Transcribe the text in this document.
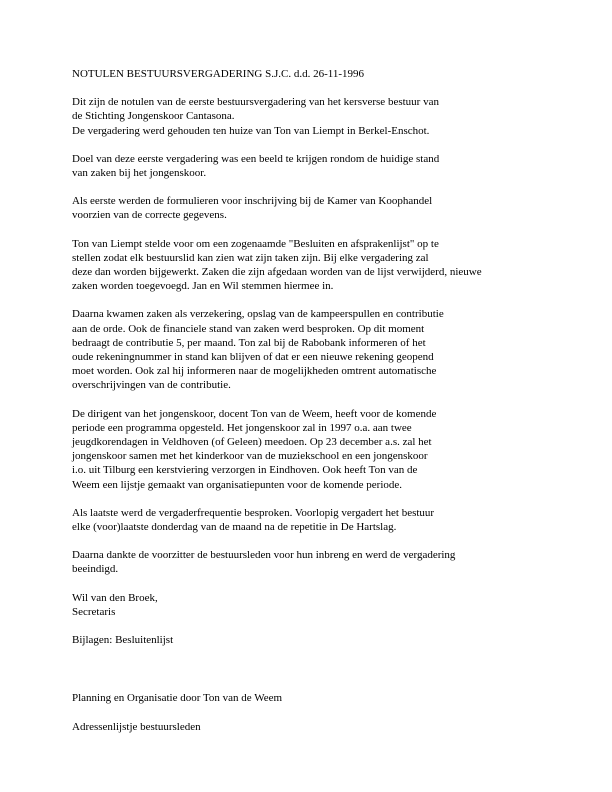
NOTULEN BESTUURSVERGADERING S.J.C. d.d. 26-11-1996
Dit zijn de notulen van de eerste bestuursvergadering van het kersverse bestuur van
de Stichting Jongenskoor Cantasona.
De vergadering werd gehouden ten huize van Ton van Liempt in Berkel-Enschot.
Doel van deze eerste vergadering was een beeld te krijgen rondom de huidige stand
van zaken bij het jongenskoor.
Als eerste werden de formulieren voor inschrijving bij de Kamer van Koophandel
voorzien van de correcte gegevens.
Ton van Liempt stelde voor om een zogenaamde "Besluiten en afsprakenlijst" op te
stellen zodat elk bestuurslid kan zien wat zijn taken zijn. Bij elke vergadering zal
deze dan worden bijgewerkt. Zaken die zijn afgedaan worden van de lijst verwijderd, nieuwe
zaken worden toegevoegd. Jan en Wil stemmen hiermee in.
Daarna kwamen zaken als verzekering, opslag van de kampeerspullen en contributie
aan de orde. Ook de financiele stand van zaken werd besproken. Op dit moment
bedraagt de contributie 5, per maand. Ton zal bij de Rabobank informeren of het
oude rekeningnummer in stand kan blijven of dat er een nieuwe rekening geopend
moet worden. Ook zal hij informeren naar de mogelijkheden omtrent automatische
overschrijvingen van de contributie.
De dirigent van het jongenskoor, docent Ton van de Weem, heeft voor de komende
periode een programma opgesteld. Het jongenskoor zal in 1997 o.a. aan twee
jeugdkorendagen in Veldhoven (of Geleen) meedoen. Op 23 december a.s. zal het
jongenskoor samen met het kinderkoor van de muziekschool en een jongenskoor
i.o. uit Tilburg een kerstviering verzorgen in Eindhoven. Ook heeft Ton van de
Weem een lijstje gemaakt van organisatiepunten voor de komende periode.
Als laatste werd de vergaderfrequentie besproken. Voorlopig vergadert het bestuur
elke (voor)laatste donderdag van de maand na de repetitie in De Hartslag.
Daarna dankte de voorzitter de bestuursleden voor hun inbreng en werd de vergadering
beeindigd.
Wil van den Broek,
Secretaris
Bijlagen: Besluitenlijst
Planning en Organisatie door Ton van de Weem
Adressenlijstje bestuursleden
